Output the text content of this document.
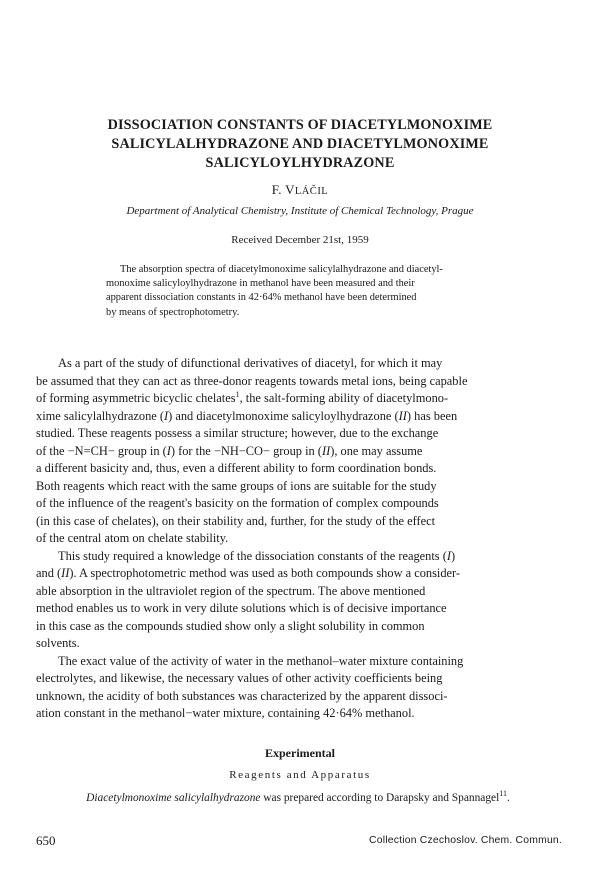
DISSOCIATION CONSTANTS OF DIACETYLMONOXIME
SALICYLALHYDRAZONE AND DIACETYLMONOXIME
SALICYLOYLHYDRAZONE
F. VLÁČIL
Department of Analytical Chemistry, Institute of Chemical Technology, Prague
Received December 21st, 1959
The absorption spectra of diacetylmonoxime salicylalhydrazone and diacetyl-
monoxime salicyloylhydrazone in methanol have been measured and their
apparent dissociation constants in 42·64% methanol have been determined
by means of spectrophotometry.
As a part of the study of difunctional derivatives of diacetyl, for which it may
be assumed that they can act as three-donor reagents towards metal ions, being capable
of forming asymmetric bicyclic chelates$^1$, the salt-forming ability of diacetylmono-
xime salicylalhydrazone (I) and diacetylmonoxime salicyloylhydrazone (II) has been
studied. These reagents possess a similar structure; however, due to the exchange
of the −N=CH− group in (I) for the −NH−CO− group in (II), one may assume
a different basicity and, thus, even a different ability to form coordination bonds.
Both reagents which react with the same groups of ions are suitable for the study
of the influence of the reagent's basicity on the formation of complex compounds
(in this case of chelates), on their stability and, further, for the study of the effect
of the central atom on chelate stability.
This study required a knowledge of the dissociation constants of the reagents (I)
and (II). A spectrophotometric method was used as both compounds show a consider-
able absorption in the ultraviolet region of the spectrum. The above mentioned
method enables us to work in very dilute solutions which is of decisive importance
in this case as the compounds studied show only a slight solubility in common
solvents.
The exact value of the activity of water in the methanol–water mixture containing
electrolytes, and likewise, the necessary values of other activity coefficients being
unknown, the acidity of both substances was characterized by the apparent dissoci-
ation constant in the methanol−water mixture, containing 42·64% methanol.
Experimental
Reagents and Apparatus
Diacetylmonoxime salicylalhydrazone was prepared according to Darapsky and Spannagel$^{11}$.
650	Collection Czechoslov. Chem. Commun.
